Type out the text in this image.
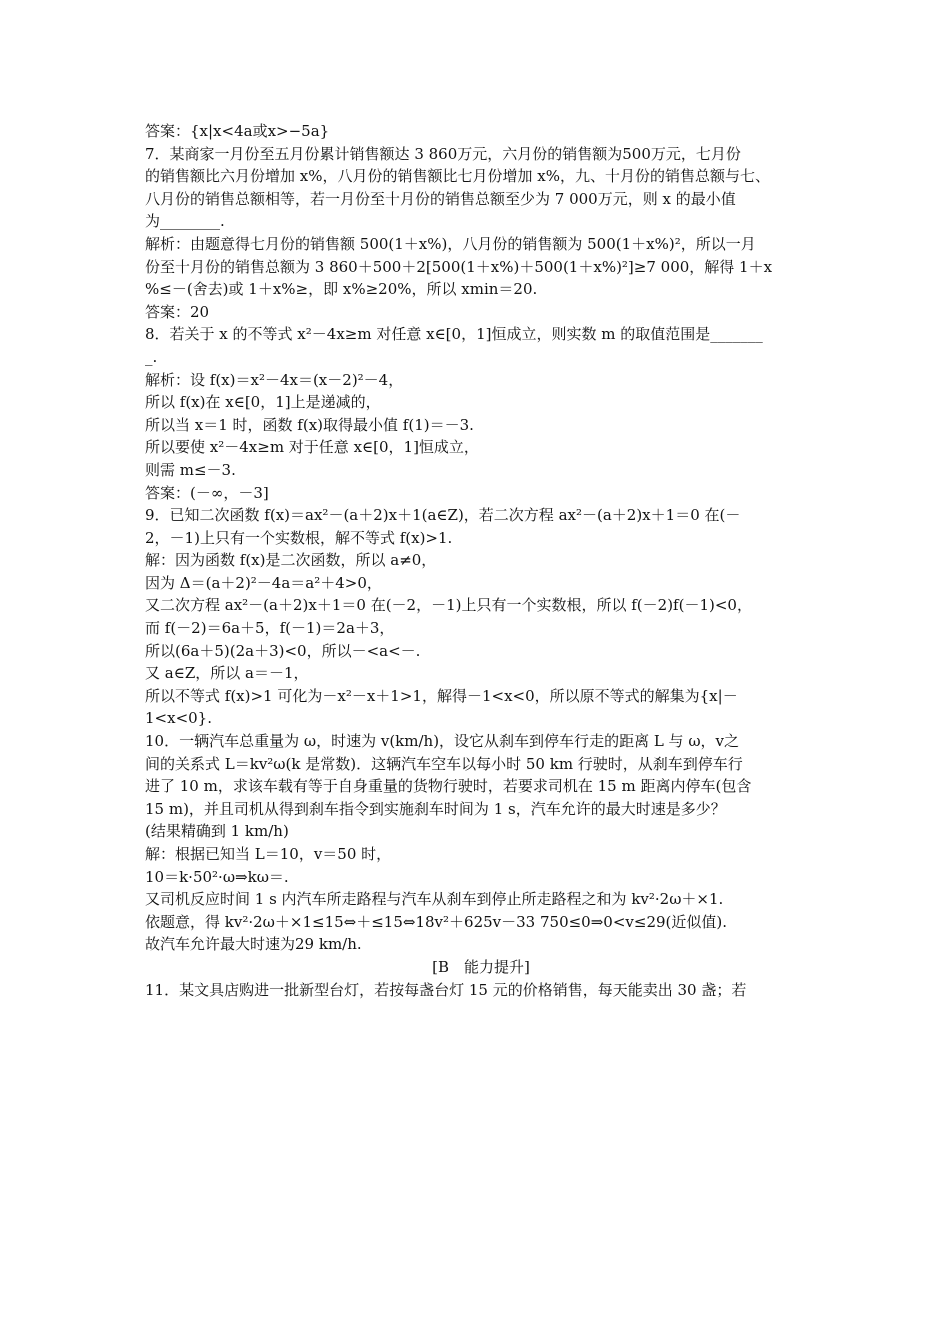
答案：{x|x<4a或x>−5a}
7．某商家一月份至五月份累计销售额达 3 860万元，六月份的销售额为500万元，七月份
的销售额比六月份增加 x%，八月份的销售额比七月份增加 x%，九、十月份的销售总额与七、
八月份的销售总额相等，若一月份至十月份的销售总额至少为 7 000万元，则 x 的最小值
为________.
解析：由题意得七月份的销售额 500(1＋x%)，八月份的销售额为 500(1＋x%)²，所以一月
份至十月份的销售总额为 3 860＋500＋2[500(1＋x%)＋500(1＋x%)²]≥7 000，解得 1＋x
%≤－(舍去)或 1＋x%≥，即 x%≥20%，所以 xmin＝20.
答案：20
8．若关于 x 的不等式 x²－4x≥m 对任意 x∈[0，1]恒成立，则实数 m 的取值范围是_______
_.
解析：设 f(x)＝x²－4x＝(x－2)²－4，
所以 f(x)在 x∈[0，1]上是递减的，
所以当 x＝1 时，函数 f(x)取得最小值 f(1)＝－3.
所以要使 x²－4x≥m 对于任意 x∈[0，1]恒成立，
则需 m≤－3.
答案：(－∞，－3]
9．已知二次函数 f(x)＝ax²－(a＋2)x＋1(a∈Z)，若二次方程 ax²－(a＋2)x＋1＝0 在(－
2，－1)上只有一个实数根，解不等式 f(x)>1.
解：因为函数 f(x)是二次函数，所以 a≠0，
因为 Δ＝(a＋2)²－4a＝a²＋4>0，
又二次方程 ax²－(a＋2)x＋1＝0 在(－2，－1)上只有一个实数根，所以 f(－2)f(－1)<0，
而 f(－2)＝6a＋5，f(－1)＝2a＋3，
所以(6a＋5)(2a＋3)<0，所以－<a<－.
又 a∈Z，所以 a＝－1，
所以不等式 f(x)>1 可化为－x²－x＋1>1，解得－1<x<0，所以原不等式的解集为{x|－
1<x<0}.
10．一辆汽车总重量为 ω，时速为 v(km/h)，设它从刹车到停车行走的距离 L 与 ω，v之
间的关系式 L＝kv²ω(k 是常数)．这辆汽车空车以每小时 50 km 行驶时，从刹车到停车行
进了 10 m，求该车载有等于自身重量的货物行驶时，若要求司机在 15 m 距离内停车(包含
15 m)，并且司机从得到刹车指令到实施刹车时间为 1 s，汽车允许的最大时速是多少？
(结果精确到 1 km/h)
解：根据已知当 L＝10，v＝50 时，
10＝k·50²·ω⇒kω＝.
又司机反应时间 1 s 内汽车所走路程与汽车从刹车到停止所走路程之和为 kv²·2ω＋×1.
依题意，得 kv²·2ω＋×1≤15⇔＋≤15⇔18v²＋625v－33 750≤0⇒0<v≤29(近似值).
故汽车允许最大时速为29 km/h.
[B　能力提升]
11．某文具店购进一批新型台灯，若按每盏台灯 15 元的价格销售，每天能卖出 30 盏；若
